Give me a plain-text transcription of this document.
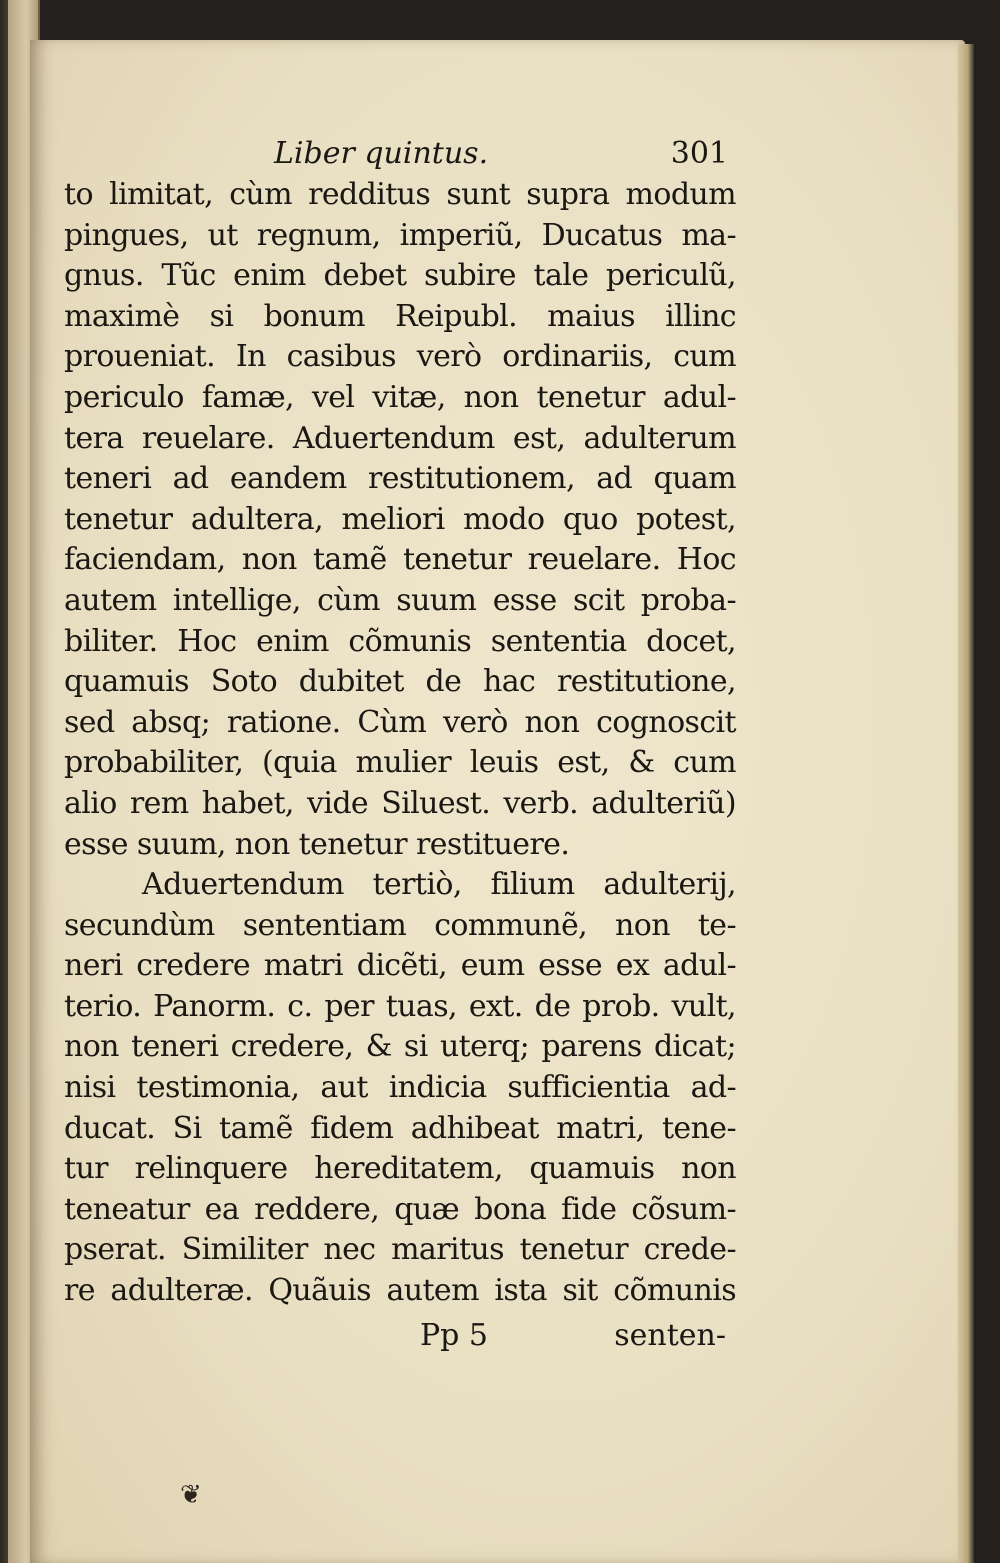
Liber quintus.	301
to limitat, cùm redditus sunt supra modum
pingues, ut regnum, imperiũ, Ducatus ma-
gnus. Tũc enim debet subire tale periculũ,
maximè si bonum Reipubl. maius illinc
proueniat. In casibus verò ordinariis, cum
periculo famæ, vel vitæ, non tenetur adul-
tera reuelare. Aduertendum est, adulterum
teneri ad eandem restitutionem, ad quam
tenetur adultera, meliori modo quo potest,
faciendam, non tamẽ tenetur reuelare. Hoc
autem intellige, cùm suum esse scit proba-
biliter. Hoc enim cõmunis sententia docet,
quamuis Soto dubitet de hac restitutione,
sed absq; ratione. Cùm verò non cognoscit
probabiliter, (quia mulier leuis est, & cum
alio rem habet, vide Siluest. verb. adulteriũ)
esse suum, non tenetur restituere.
Aduertendum tertiò, filium adulterij,
secundùm sententiam communẽ, non te-
neri credere matri dicẽti, eum esse ex adul-
terio. Panorm. c. per tuas, ext. de prob. vult,
non teneri credere, & si uterq; parens dicat;
nisi testimonia, aut indicia sufficientia ad-
ducat. Si tamẽ fidem adhibeat matri, tene-
tur relinquere hereditatem, quamuis non
teneatur ea reddere, quæ bona fide cõsum-
pserat. Similiter nec maritus tenetur crede-
re adulteræ. Quãuis autem ista sit cõmunis
Pp 5	senten-
❦
